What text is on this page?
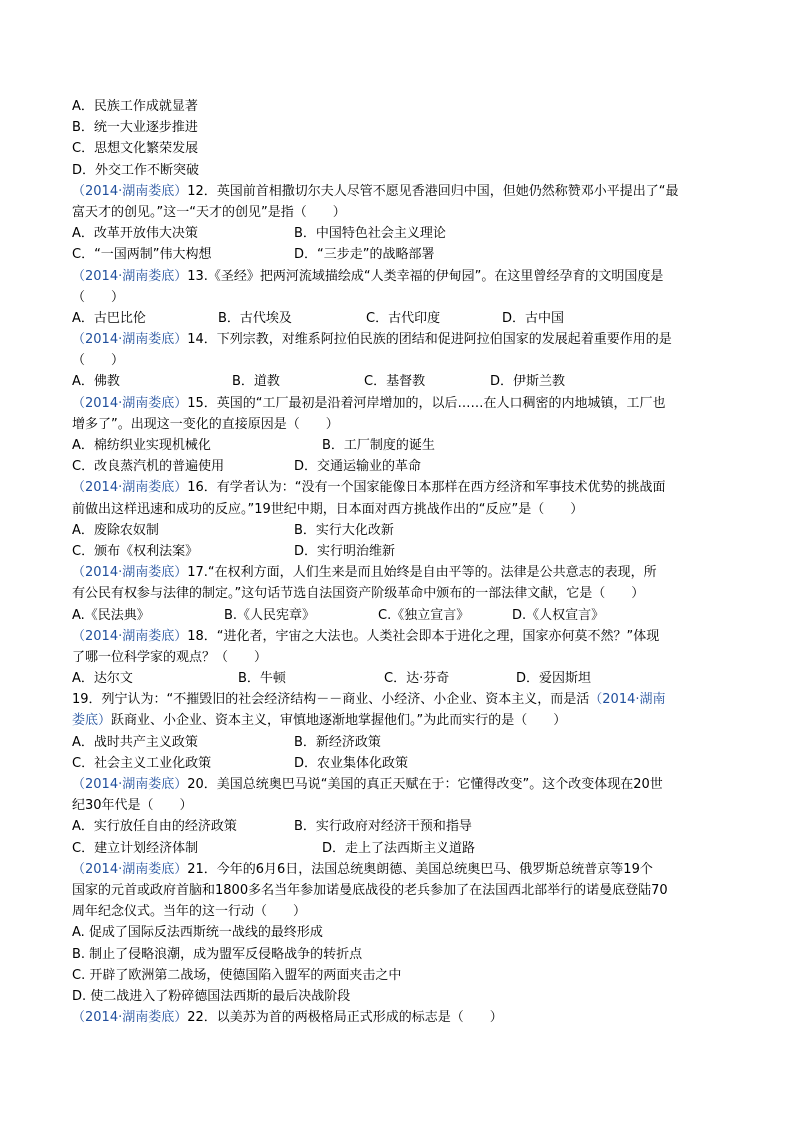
A．民族工作成就显著
B．统一大业逐步推进
C．思想文化繁荣发展
D．外交工作不断突破
（2014·湖南娄底）12．英国前首相撒切尔夫人尽管不愿见香港回归中国，但她仍然称赞邓小平提出了“最
富天才的创见。”这一“天才的创见”是指（　　）
A．改革开放伟大决策	B．中国特色社会主义理论
C．“一国两制”伟大构想	D．“三步走”的战略部署
（2014·湖南娄底）13.《圣经》把两河流域描绘成“人类幸福的伊甸园”。在这里曾经孕育的文明国度是
（　　）
A．古巴比伦	B．古代埃及	C．古代印度	D．古中国
（2014·湖南娄底）14．下列宗教，对维系阿拉伯民族的团结和促进阿拉伯国家的发展起着重要作用的是
（　　）
A．佛教	B．道教	C．基督教	D．伊斯兰教
（2014·湖南娄底）15．英国的“工厂最初是沿着河岸增加的，以后……在人口稠密的内地城镇，工厂也
增多了”。出现这一变化的直接原因是（　　）
A．棉纺织业实现机械化	B．工厂制度的诞生
C．改良蒸汽机的普遍使用	D．交通运输业的革命
（2014·湖南娄底）16．有学者认为：“没有一个国家能像日本那样在西方经济和军事技术优势的挑战面
前做出这样迅速和成功的反应。”19世纪中期，日本面对西方挑战作出的“反应”是（　　）
A．废除农奴制	B．实行大化改新
C．颁布《权利法案》	D．实行明治维新
（2014·湖南娄底）17.“在权利方面，人们生来是而且始终是自由平等的。法律是公共意志的表现，所
有公民有权参与法律的制定。”这句话节选自法国资产阶级革命中颁布的一部法律文献，它是（　　）
A.《民法典》	B.《人民宪章》	C.《独立宣言》	D.《人权宣言》
（2014·湖南娄底）18．“进化者，宇宙之大法也。人类社会即本于进化之理，国家亦何莫不然？”体现
了哪一位科学家的观点？（　　）
A．达尔文	B．牛顿	C．达·芬奇	D．爱因斯坦
19．列宁认为：“不摧毁旧的社会经济结构－－商业、小经济、小企业、资本主义，而是活（2014·湖南
娄底）跃商业、小企业、资本主义，审慎地逐渐地掌握他们。”为此而实行的是（　　）
A．战时共产主义政策	B．新经济政策
C．社会主义工业化政策	D．农业集体化政策
（2014·湖南娄底）20．美国总统奥巴马说“美国的真正天赋在于：它懂得改变”。这个改变体现在20世
纪30年代是（　　）
A．实行放任自由的经济政策	B．实行政府对经济干预和指导
C．建立计划经济体制	D．走上了法西斯主义道路
（2014·湖南娄底）21．今年的6月6日，法国总统奥朗德、美国总统奥巴马、俄罗斯总统普京等19个
国家的元首或政府首脑和1800多名当年参加诺曼底战役的老兵参加了在法国西北部举行的诺曼底登陆70
周年纪念仪式。当年的这一行动（　　）
A. 促成了国际反法西斯统一战线的最终形成
B. 制止了侵略浪潮，成为盟军反侵略战争的转折点
C. 开辟了欧洲第二战场，使德国陷入盟军的两面夹击之中
D. 使二战进入了粉碎德国法西斯的最后决战阶段
（2014·湖南娄底）22．以美苏为首的两极格局正式形成的标志是（　　）
